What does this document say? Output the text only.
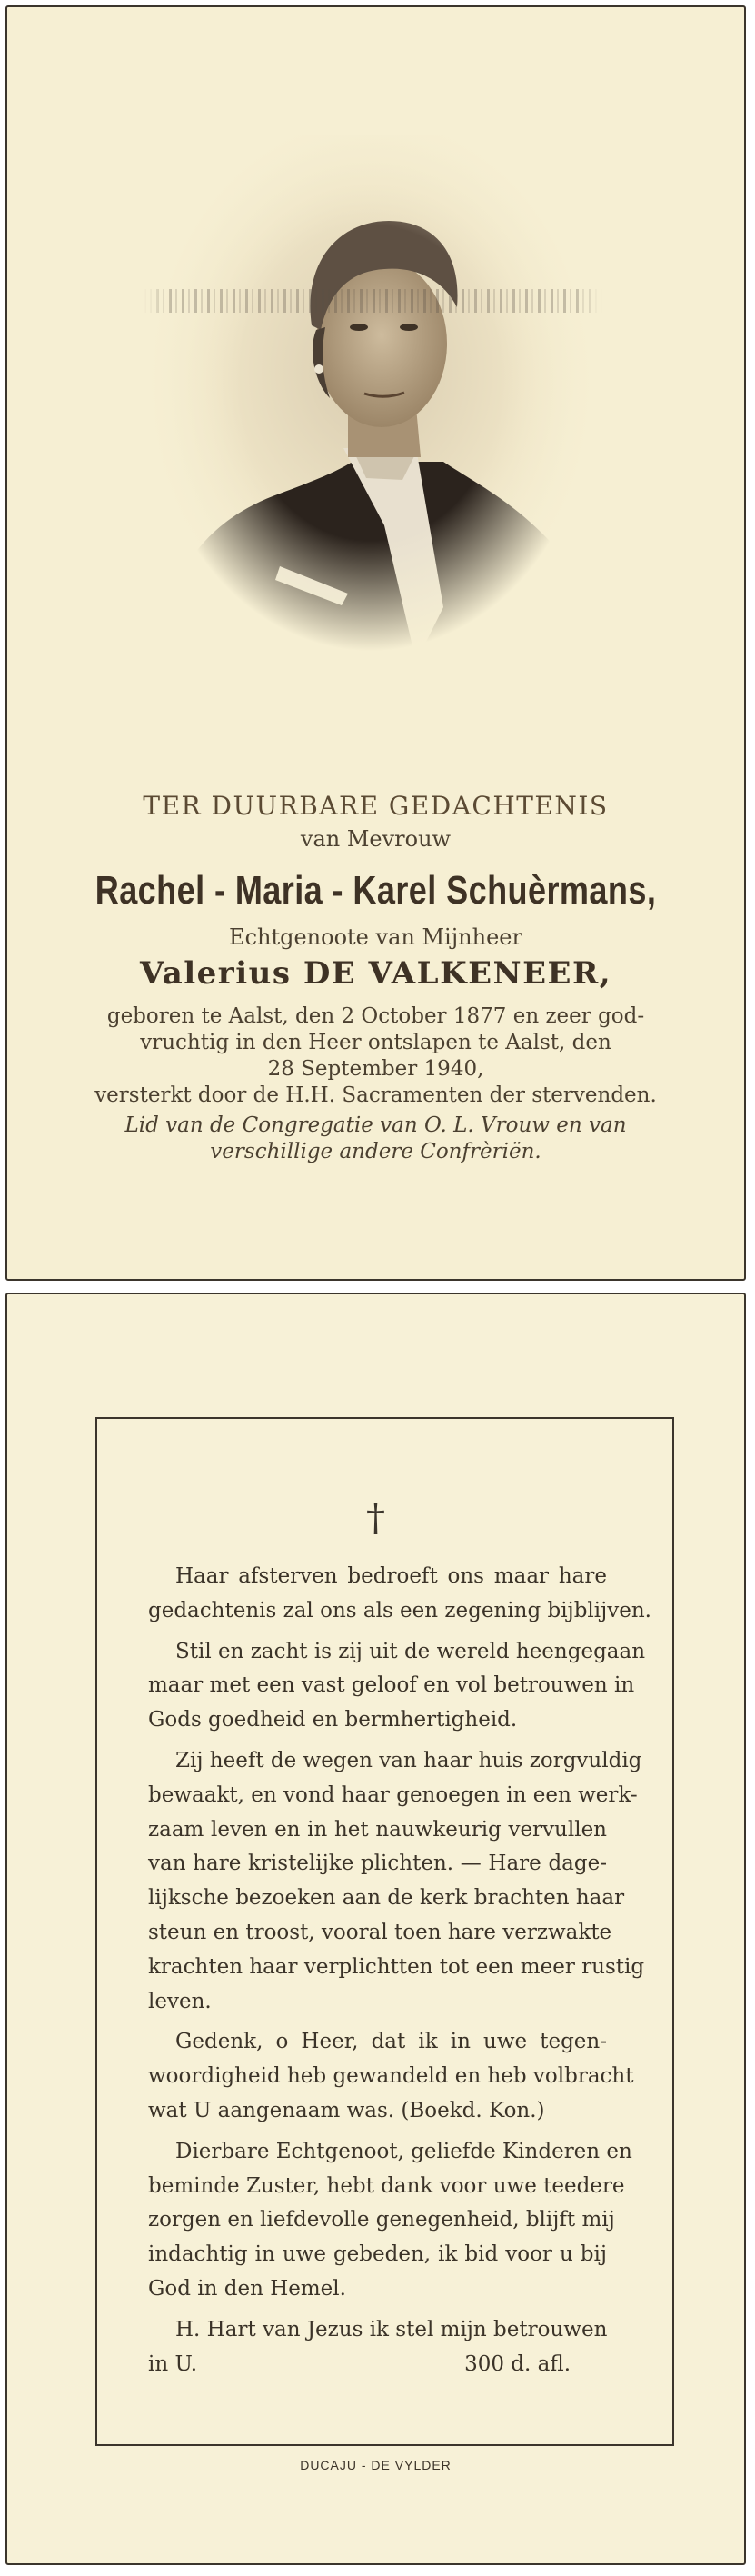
TER DUURBARE GEDACHTENIS
van Mevrouw
Rachel - Maria - Karel Schuèrmans,
Echtgenoote van Mijnheer
Valerius DE VALKENEER,
geboren te Aalst, den 2 October 1877 en zeer god-
vruchtig in den Heer ontslapen te Aalst, den
28 September 1940,
versterkt door de H.H. Sacramenten der stervenden.
Lid van de Congregatie van O. L. Vrouw en van
verschillige andere Confrèriën.
†
Haar afsterven bedroeft ons maar hare
gedachtenis zal ons als een zegening bijblijven.
Stil en zacht is zij uit de wereld heengegaan
maar met een vast geloof en vol betrouwen in
Gods goedheid en bermhertigheid.
Zij heeft de wegen van haar huis zorgvuldig
bewaakt, en vond haar genoegen in een werk-
zaam leven en in het nauwkeurig vervullen
van hare kristelijke plichten. — Hare dage-
lijksche bezoeken aan de kerk brachten haar
steun en troost, vooral toen hare verzwakte
krachten haar verplichtten tot een meer rustig
leven.
Gedenk, o Heer, dat ik in uwe tegen-
woordigheid heb gewandeld en heb volbracht
wat U aangenaam was. (Boekd. Kon.)
Dierbare Echtgenoot, geliefde Kinderen en
beminde Zuster, hebt dank voor uwe teedere
zorgen en liefdevolle genegenheid, blijft mij
indachtig in uwe gebeden, ik bid voor u bij
God in den Hemel.
H. Hart van Jezus ik stel mijn betrouwen
in U.	300 d. afl.
DUCAJU - DE VYLDER
